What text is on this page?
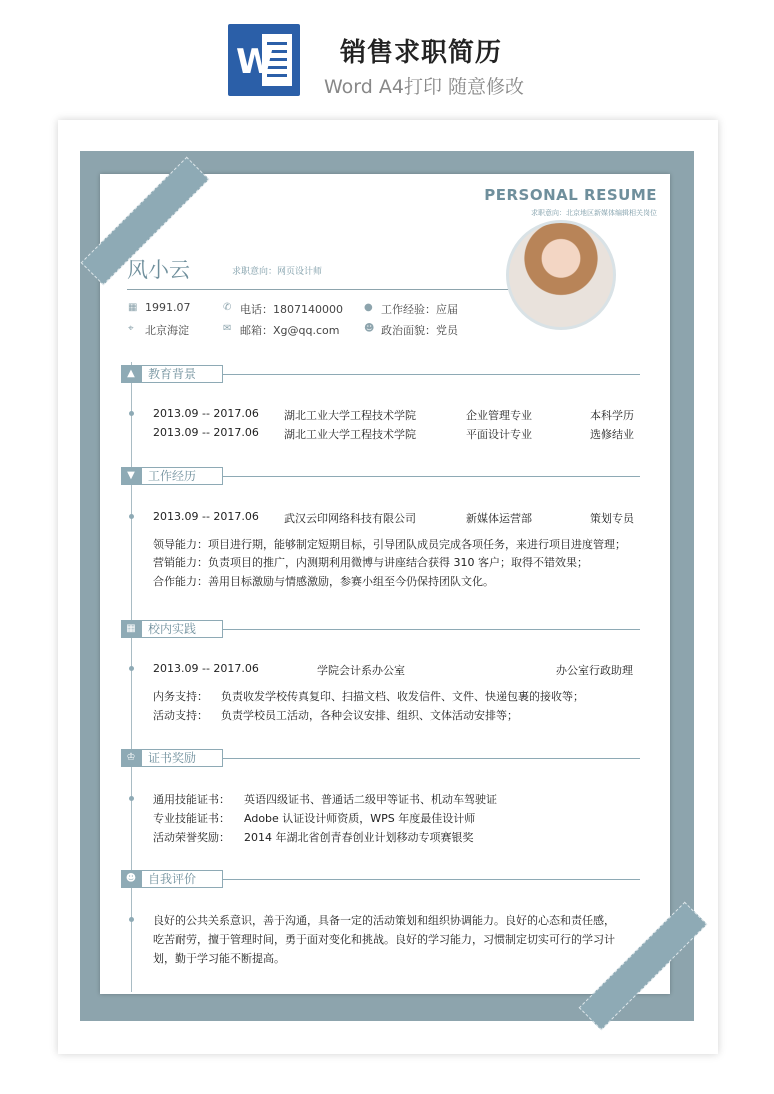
W	销售求职简历
Word A4打印 随意修改
PERSONAL RESUME
求职意向：北京地区新媒体编辑相关岗位
风小云	求职意向：网页设计师
▦ 1991.07	✆ 电话：1807140000 ● 工作经验：应届
⌖	北京海淀	✉ 邮箱：Xg@qq.com ☻ 政治面貌：党员
▲	教育背景
2013.09 -- 2017.06 湖北工业大学工程技术学院	企业管理专业	本科学历
2013.09 -- 2017.06 湖北工业大学工程技术学院	平面设计专业	选修结业
▼	工作经历
2013.09 -- 2017.06 武汉云印网络科技有限公司	新媒体运营部	策划专员
领导能力：项目进行期，能够制定短期目标，引导团队成员完成各项任务，来进行项目进度管理；
营销能力：负责项目的推广，内测期利用微博与讲座结合获得 310 客户；取得不错效果；
合作能力：善用目标激励与情感激励，参赛小组至今仍保持团队文化。
▦	校内实践
2013.09 -- 2017.06	学院会计系办公室	办公室行政助理
内务支持： 负责收发学校传真复印、扫描文档、收发信件、文件、快递包裹的接收等；
活动支持： 负责学校员工活动，各种会议安排、组织、文体活动安排等；
♔	证书奖励
通用技能证书： 英语四级证书、普通话二级甲等证书、机动车驾驶证
专业技能证书： Adobe 认证设计师资质，WPS 年度最佳设计师
活动荣誉奖励： 2014 年湖北省创青春创业计划移动专项赛银奖
☻ 自我评价
良好的公共关系意识，善于沟通，具备一定的活动策划和组织协调能力。良好的心态和责任感，
吃苦耐劳，擅于管理时间，勇于面对变化和挑战。良好的学习能力，习惯制定切实可行的学习计
划，勤于学习能不断提高。
